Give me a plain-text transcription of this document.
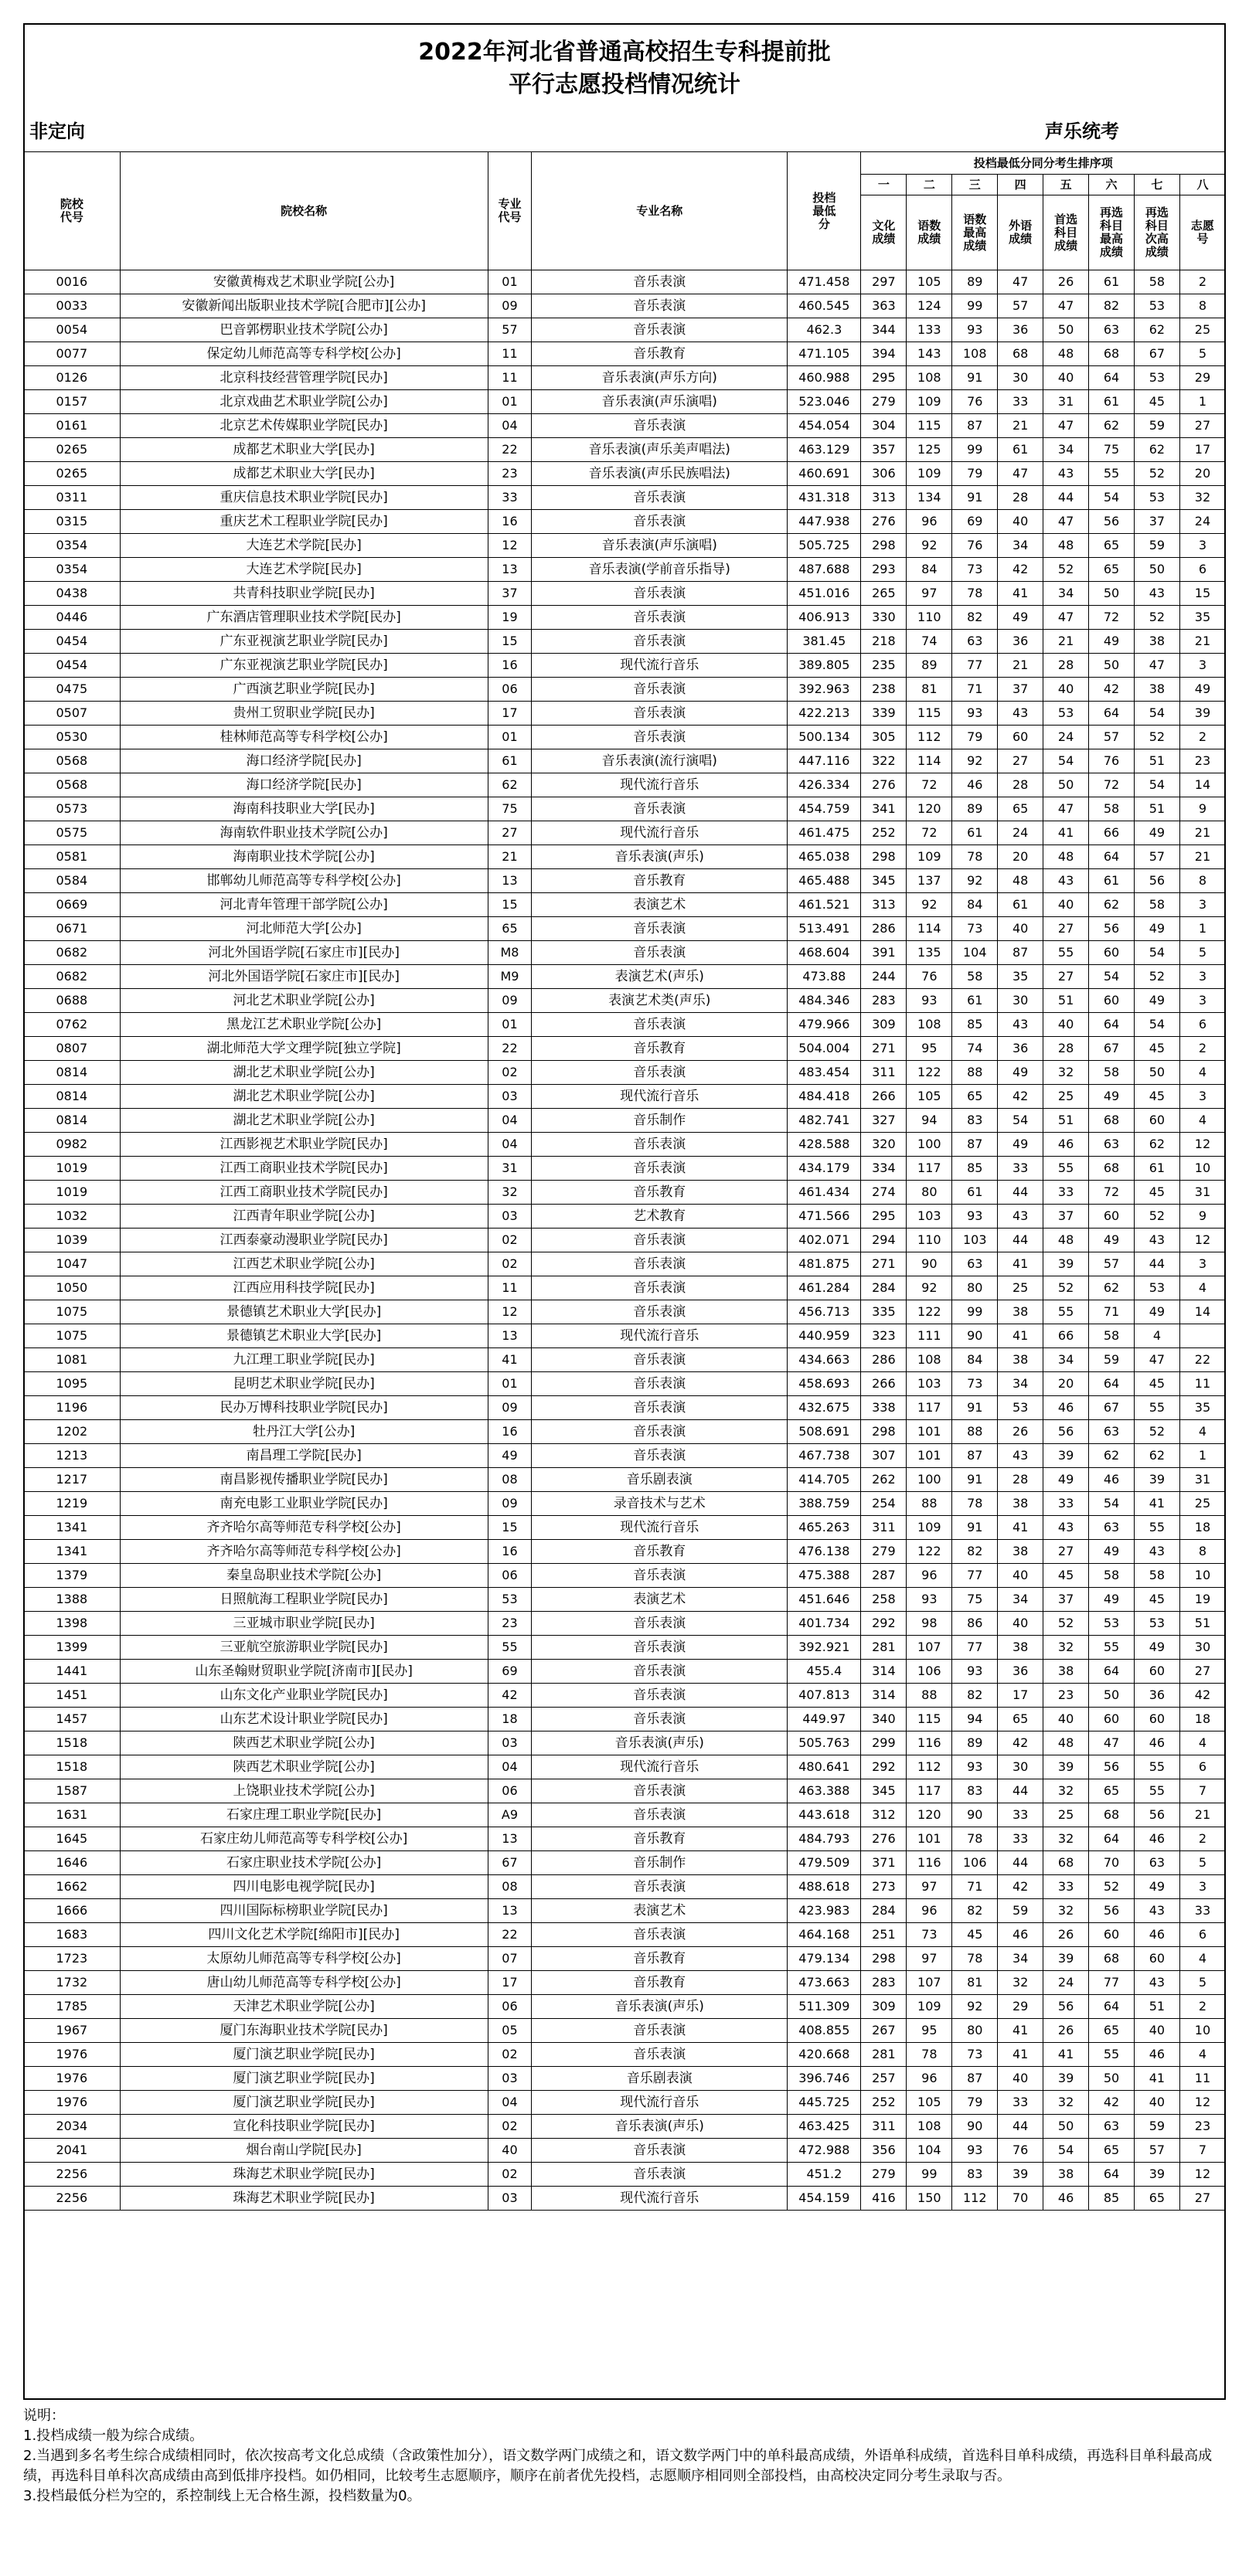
2022年河北省普通高校招生专科提前批
平行志愿投档情况统计
非定向	声乐统考
院校代号	院校名称	专业代号	专业名称	投档最低分	投档最低分同分考生排序项							
					一	二	三	四	五	六	七	八
					文化成绩	语数成绩	语数最高成绩	外语成绩	首选科目成绩	再选科目最高成绩	再选科目次高成绩	志愿号
0016	安徽黄梅戏艺术职业学院[公办]	01	音乐表演	471.458	297	105	89	47	26	61	58	2
0033	安徽新闻出版职业技术学院[合肥市][公办]	09	音乐表演	460.545	363	124	99	57	47	82	53	8
0054	巴音郭楞职业技术学院[公办]	57	音乐表演	462.3	344	133	93	36	50	63	62	25
0077	保定幼儿师范高等专科学校[公办]	11	音乐教育	471.105	394	143	108	68	48	68	67	5
0126	北京科技经营管理学院[民办]	11	音乐表演(声乐方向)	460.988	295	108	91	30	40	64	53	29
0157	北京戏曲艺术职业学院[公办]	01	音乐表演(声乐演唱)	523.046	279	109	76	33	31	61	45	1
0161	北京艺术传媒职业学院[民办]	04	音乐表演	454.054	304	115	87	21	47	62	59	27
0265	成都艺术职业大学[民办]	22	音乐表演(声乐美声唱法)	463.129	357	125	99	61	34	75	62	17
0265	成都艺术职业大学[民办]	23	音乐表演(声乐民族唱法)	460.691	306	109	79	47	43	55	52	20
0311	重庆信息技术职业学院[民办]	33	音乐表演	431.318	313	134	91	28	44	54	53	32
0315	重庆艺术工程职业学院[民办]	16	音乐表演	447.938	276	96	69	40	47	56	37	24
0354	大连艺术学院[民办]	12	音乐表演(声乐演唱)	505.725	298	92	76	34	48	65	59	3
0354	大连艺术学院[民办]	13	音乐表演(学前音乐指导)	487.688	293	84	73	42	52	65	50	6
0438	共青科技职业学院[民办]	37	音乐表演	451.016	265	97	78	41	34	50	43	15
0446	广东酒店管理职业技术学院[民办]	19	音乐表演	406.913	330	110	82	49	47	72	52	35
0454	广东亚视演艺职业学院[民办]	15	音乐表演	381.45	218	74	63	36	21	49	38	21
0454	广东亚视演艺职业学院[民办]	16	现代流行音乐	389.805	235	89	77	21	28	50	47	3
0475	广西演艺职业学院[民办]	06	音乐表演	392.963	238	81	71	37	40	42	38	49
0507	贵州工贸职业学院[民办]	17	音乐表演	422.213	339	115	93	43	53	64	54	39
0530	桂林师范高等专科学校[公办]	01	音乐表演	500.134	305	112	79	60	24	57	52	2
0568	海口经济学院[民办]	61	音乐表演(流行演唱)	447.116	322	114	92	27	54	76	51	23
0568	海口经济学院[民办]	62	现代流行音乐	426.334	276	72	46	28	50	72	54	14
0573	海南科技职业大学[民办]	75	音乐表演	454.759	341	120	89	65	47	58	51	9
0575	海南软件职业技术学院[公办]	27	现代流行音乐	461.475	252	72	61	24	41	66	49	21
0581	海南职业技术学院[公办]	21	音乐表演(声乐)	465.038	298	109	78	20	48	64	57	21
0584	邯郸幼儿师范高等专科学校[公办]	13	音乐教育	465.488	345	137	92	48	43	61	56	8
0669	河北青年管理干部学院[公办]	15	表演艺术	461.521	313	92	84	61	40	62	58	3
0671	河北师范大学[公办]	65	音乐表演	513.491	286	114	73	40	27	56	49	1
0682	河北外国语学院[石家庄市][民办]	M8	音乐表演	468.604	391	135	104	87	55	60	54	5
0682	河北外国语学院[石家庄市][民办]	M9	表演艺术(声乐)	473.88	244	76	58	35	27	54	52	3
0688	河北艺术职业学院[公办]	09	表演艺术类(声乐)	484.346	283	93	61	30	51	60	49	3
0762	黑龙江艺术职业学院[公办]	01	音乐表演	479.966	309	108	85	43	40	64	54	6
0807	湖北师范大学文理学院[独立学院]	22	音乐教育	504.004	271	95	74	36	28	67	45	2
0814	湖北艺术职业学院[公办]	02	音乐表演	483.454	311	122	88	49	32	58	50	4
0814	湖北艺术职业学院[公办]	03	现代流行音乐	484.418	266	105	65	42	25	49	45	3
0814	湖北艺术职业学院[公办]	04	音乐制作	482.741	327	94	83	54	51	68	60	4
0982	江西影视艺术职业学院[民办]	04	音乐表演	428.588	320	100	87	49	46	63	62	12
1019	江西工商职业技术学院[民办]	31	音乐表演	434.179	334	117	85	33	55	68	61	10
1019	江西工商职业技术学院[民办]	32	音乐教育	461.434	274	80	61	44	33	72	45	31
1032	江西青年职业学院[公办]	03	艺术教育	471.566	295	103	93	43	37	60	52	9
1039	江西泰豪动漫职业学院[民办]	02	音乐表演	402.071	294	110	103	44	48	49	43	12
1047	江西艺术职业学院[公办]	02	音乐表演	481.875	271	90	63	41	39	57	44	3
1050	江西应用科技学院[民办]	11	音乐表演	461.284	284	92	80	25	52	62	53	4
1075	景德镇艺术职业大学[民办]	12	音乐表演	456.713	335	122	99	38	55	71	49	14
1075	景德镇艺术职业大学[民办]	13	现代流行音乐	440.959	323	111	90	41	66	58	4	
1081	九江理工职业学院[民办]	41	音乐表演	434.663	286	108	84	38	34	59	47	22
1095	昆明艺术职业学院[民办]	01	音乐表演	458.693	266	103	73	34	20	64	45	11
1196	民办万博科技职业学院[民办]	09	音乐表演	432.675	338	117	91	53	46	67	55	35
1202	牡丹江大学[公办]	16	音乐表演	508.691	298	101	88	26	56	63	52	4
1213	南昌理工学院[民办]	49	音乐表演	467.738	307	101	87	43	39	62	62	1
1217	南昌影视传播职业学院[民办]	08	音乐剧表演	414.705	262	100	91	28	49	46	39	31
1219	南充电影工业职业学院[民办]	09	录音技术与艺术	388.759	254	88	78	38	33	54	41	25
1341	齐齐哈尔高等师范专科学校[公办]	15	现代流行音乐	465.263	311	109	91	41	43	63	55	18
1341	齐齐哈尔高等师范专科学校[公办]	16	音乐教育	476.138	279	122	82	38	27	49	43	8
1379	秦皇岛职业技术学院[公办]	06	音乐表演	475.388	287	96	77	40	45	58	58	10
1388	日照航海工程职业学院[民办]	53	表演艺术	451.646	258	93	75	34	37	49	45	19
1398	三亚城市职业学院[民办]	23	音乐表演	401.734	292	98	86	40	52	53	53	51
1399	三亚航空旅游职业学院[民办]	55	音乐表演	392.921	281	107	77	38	32	55	49	30
1441	山东圣翰财贸职业学院[济南市][民办]	69	音乐表演	455.4	314	106	93	36	38	64	60	27
1451	山东文化产业职业学院[民办]	42	音乐表演	407.813	314	88	82	17	23	50	36	42
1457	山东艺术设计职业学院[民办]	18	音乐表演	449.97	340	115	94	65	40	60	60	18
1518	陕西艺术职业学院[公办]	03	音乐表演(声乐)	505.763	299	116	89	42	48	47	46	4
1518	陕西艺术职业学院[公办]	04	现代流行音乐	480.641	292	112	93	30	39	56	55	6
1587	上饶职业技术学院[公办]	06	音乐表演	463.388	345	117	83	44	32	65	55	7
1631	石家庄理工职业学院[民办]	A9	音乐表演	443.618	312	120	90	33	25	68	56	21
1645	石家庄幼儿师范高等专科学校[公办]	13	音乐教育	484.793	276	101	78	33	32	64	46	2
1646	石家庄职业技术学院[公办]	67	音乐制作	479.509	371	116	106	44	68	70	63	5
1662	四川电影电视学院[民办]	08	音乐表演	488.618	273	97	71	42	33	52	49	3
1666	四川国际标榜职业学院[民办]	13	表演艺术	423.983	284	96	82	59	32	56	43	33
1683	四川文化艺术学院[绵阳市][民办]	22	音乐表演	464.168	251	73	45	46	26	60	46	6
1723	太原幼儿师范高等专科学校[公办]	07	音乐教育	479.134	298	97	78	34	39	68	60	4
1732	唐山幼儿师范高等专科学校[公办]	17	音乐教育	473.663	283	107	81	32	24	77	43	5
1785	天津艺术职业学院[公办]	06	音乐表演(声乐)	511.309	309	109	92	29	56	64	51	2
1967	厦门东海职业技术学院[民办]	05	音乐表演	408.855	267	95	80	41	26	65	40	10
1976	厦门演艺职业学院[民办]	02	音乐表演	420.668	281	78	73	41	41	55	46	4
1976	厦门演艺职业学院[民办]	03	音乐剧表演	396.746	257	96	87	40	39	50	41	11
1976	厦门演艺职业学院[民办]	04	现代流行音乐	445.725	252	105	79	33	32	42	40	12
2034	宣化科技职业学院[民办]	02	音乐表演(声乐)	463.425	311	108	90	44	50	63	59	23
2041	烟台南山学院[民办]	40	音乐表演	472.988	356	104	93	76	54	65	57	7
2256	珠海艺术职业学院[民办]	02	音乐表演	451.2	279	99	83	39	38	64	39	12
2256	珠海艺术职业学院[民办]	03	现代流行音乐	454.159	416	150	112	70	46	85	65	27
说明：
1.投档成绩一般为综合成绩。
2.当遇到多名考生综合成绩相同时，依次按高考文化总成绩（含政策性加分），语文数学两门成绩之和，语文数学两门中的单科最高成绩，外语单科成绩，首选科目单科成绩，再选科目单科最高成绩，再选科目单科次高成绩由高到低排序投档。如仍相同，比较考生志愿顺序，顺序在前者优先投档，志愿顺序相同则全部投档，由高校决定同分考生录取与否。
3.投档最低分栏为空的，系控制线上无合格生源，投档数量为0。
